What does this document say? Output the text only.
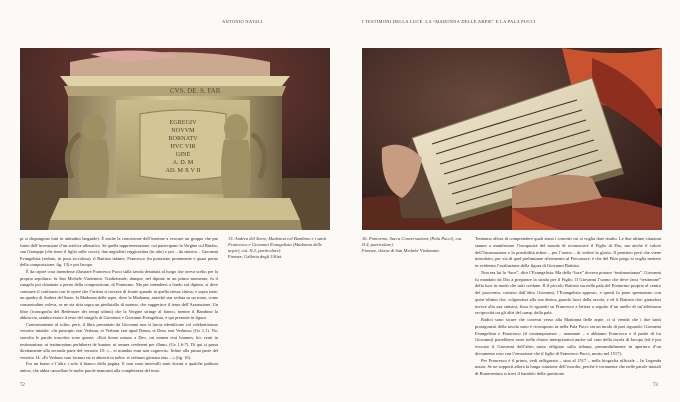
ANTONIO NATALI	I TESTIMONI DELLA LUCE. LA “MADONNA DELLE ARPIE” E LA PALA PUCCI
CVS. DE. S. FAR
EGREGIV
NOVVM
BORNATV
HVC VIR
GINE
A. D. M
AD. M X V II
15. Andrea del Sarto, Madonna col Bambino e i santi Francesco e Giovanni Evangelista (Madonna delle arpie), cat. II.2, particolare).
Firenze, Galleria degli Uffizi.
16. Pontormo, Sacra Conversazione (Pala Pucci), cat. II.4, particolare).
Firenze, chiesa di San Michele Visdomini.

pi si dispongono tutti in attitudini languide). È anche la concezione dell’insieme a evocare un gruppo che par frutto dell’invenzione d’un artefice allenatico. Se quella rappresentazione, cui partecipano la Vergine col Bimbo, san Giuseppe (che tiene il figlio sulle cosce), due angioletti reggicortina (in alto) e poi – da sinistra – Giovanni Evangelista (seduto, in posa sicvolosa), il Battista infante, Francesco (in posizione prominente e quasi perno della composizione: fig. 13) e poi Iacopo.

È da capire cosa intendesse illustrare Francesco Pucci sulla tavola destinata al luogo che aveva scelto per la propria sepoltura: fu San Michele Visdomini. Tradizionale, dunque, nel dipinto in un primo momento, fu il vangelo poi chiamato a perno della composizione, di Pontormo. Ma per intendersi a fondo sul dipinto, si deve contrarre il confronto con le opere che l’artista si trovava di fronte quando in quella stessa chiesa; e sopra tutte, un quadro di Andrea del Sarto: la Madonna delle arpie, dove la Madonna, anziché star seduta su un trono, come consuetudine voleva, se ne sta ritta sopra un piedistallo di marmo, che suggerisce il tema dell’Assunzione. Un libro (iconografia del Redentore dei tempi ultimi) che la Vergine stringe al fianco, mentre il Bambino la abbraccia, sembra essere il testo del vangelo di Giovanni; e Giovanni Evangelista, è qui presente in figura.

Contrariamente al solito, però, il libro presentato da Giovanni non si lascia identificare col celebratissimo versetto iniziale: «In principio erat Verbum, et Verbum erat apud Deum, et Deus erat Verbum» (Gv 1,1). No, stavolta le parole trascritte sono queste: «Fuit homo missus a Deo, cui nomen erat Ioannes; hic venit in testimonium, ut testimonium perhiberet de lumine, ut omnes crederent per illum» (Gv 1,6-7). Di qui si passa direttamente alla seconda parte del versetto 10: «... et mundus eum non cognovit». Infine alla prima parte del versetto 14: «Et Verbum caro factum est et abitavit in nobis: et vidimus gloriam eius ...» (fig. 16).

Fra un brano e l’altro i solo il bianco della pagina. E non sono intervalli muti dovuti a qualche pulitura antica, che abbia cancellato le molte parole mancanti alla completezza del testo.

Tentiamo allora di comprendere quali siano i concetti cui si voglia dare risalto. Le due ultime citazioni stanno a manifestare l’incapacità del mondo di riconoscere il Figlio di Dio, ma anche il valore dell’Incarnazione e la possibilità infine – per l’uomo – di vedere la gloria. Il pensiero però che viene introdotto, per via di quel preliminare riferimento al Precursore, è che del Pitto prego si voglia mettere in evidenza l’esaltazione della figura di Giovanni Battista.

Non era lui la “luce”, dice l’Evangelista. Ma della “luce” doveva portare “testimonianza”. Giovanni fu mandato da Dio a preparare la strada per il Figlio. Il Giovanni l’uomo che deve farsi “testimone” della luce in modo che tutti credano. Il il piccolo Battista sta nella pala del Pontormo proprio al centro del proscenio, conteso dall’altro Giovanni, l’Evangelista apposto, e questi lo pone spensierato con quest’ultimo che, volgendosi alla sua destra, guarda fuori della tavola, e ed il Battista che, girandosi invece alla sua sinistra, fissa lo sguardo su Francesco a lettera a seguito d’un anello di un’affettuosa reciprocità tra gli altri del camp. della pala.

Radici sono sicure che correrai verso alla Madonna delle arpie, ci sì vienda che i due santi protagonisti della tavola sarto è ricomposto in nella Pala Pucci sia un modo di pari riguardo: Giovanni Evangelista e Francesco (il contemporaneo – nonnante – e abbiamo Francesco e il padre di lui Giovanni) potrebbero esser nella chiave interpretativa anche sul caso della tavola di Iacopo (ed è poi evocato il Giovanni dell’altro santo effigiato sulla tribuna, presumibilmente in apertura d’un documento reso con l’emozione che il figlio di Francesco Pucci, morto nel 1517).

Per Francesco è il primo, vedi raffigurato – sino al 1517 – nella biografia ufficiale – In Legenda maior. Se ne sopporti allora la lunga citazione dell’esordio, perché è veramente che nelle parole iniziali di Bonaventura si trovi il bandolo della questione.

72	73
